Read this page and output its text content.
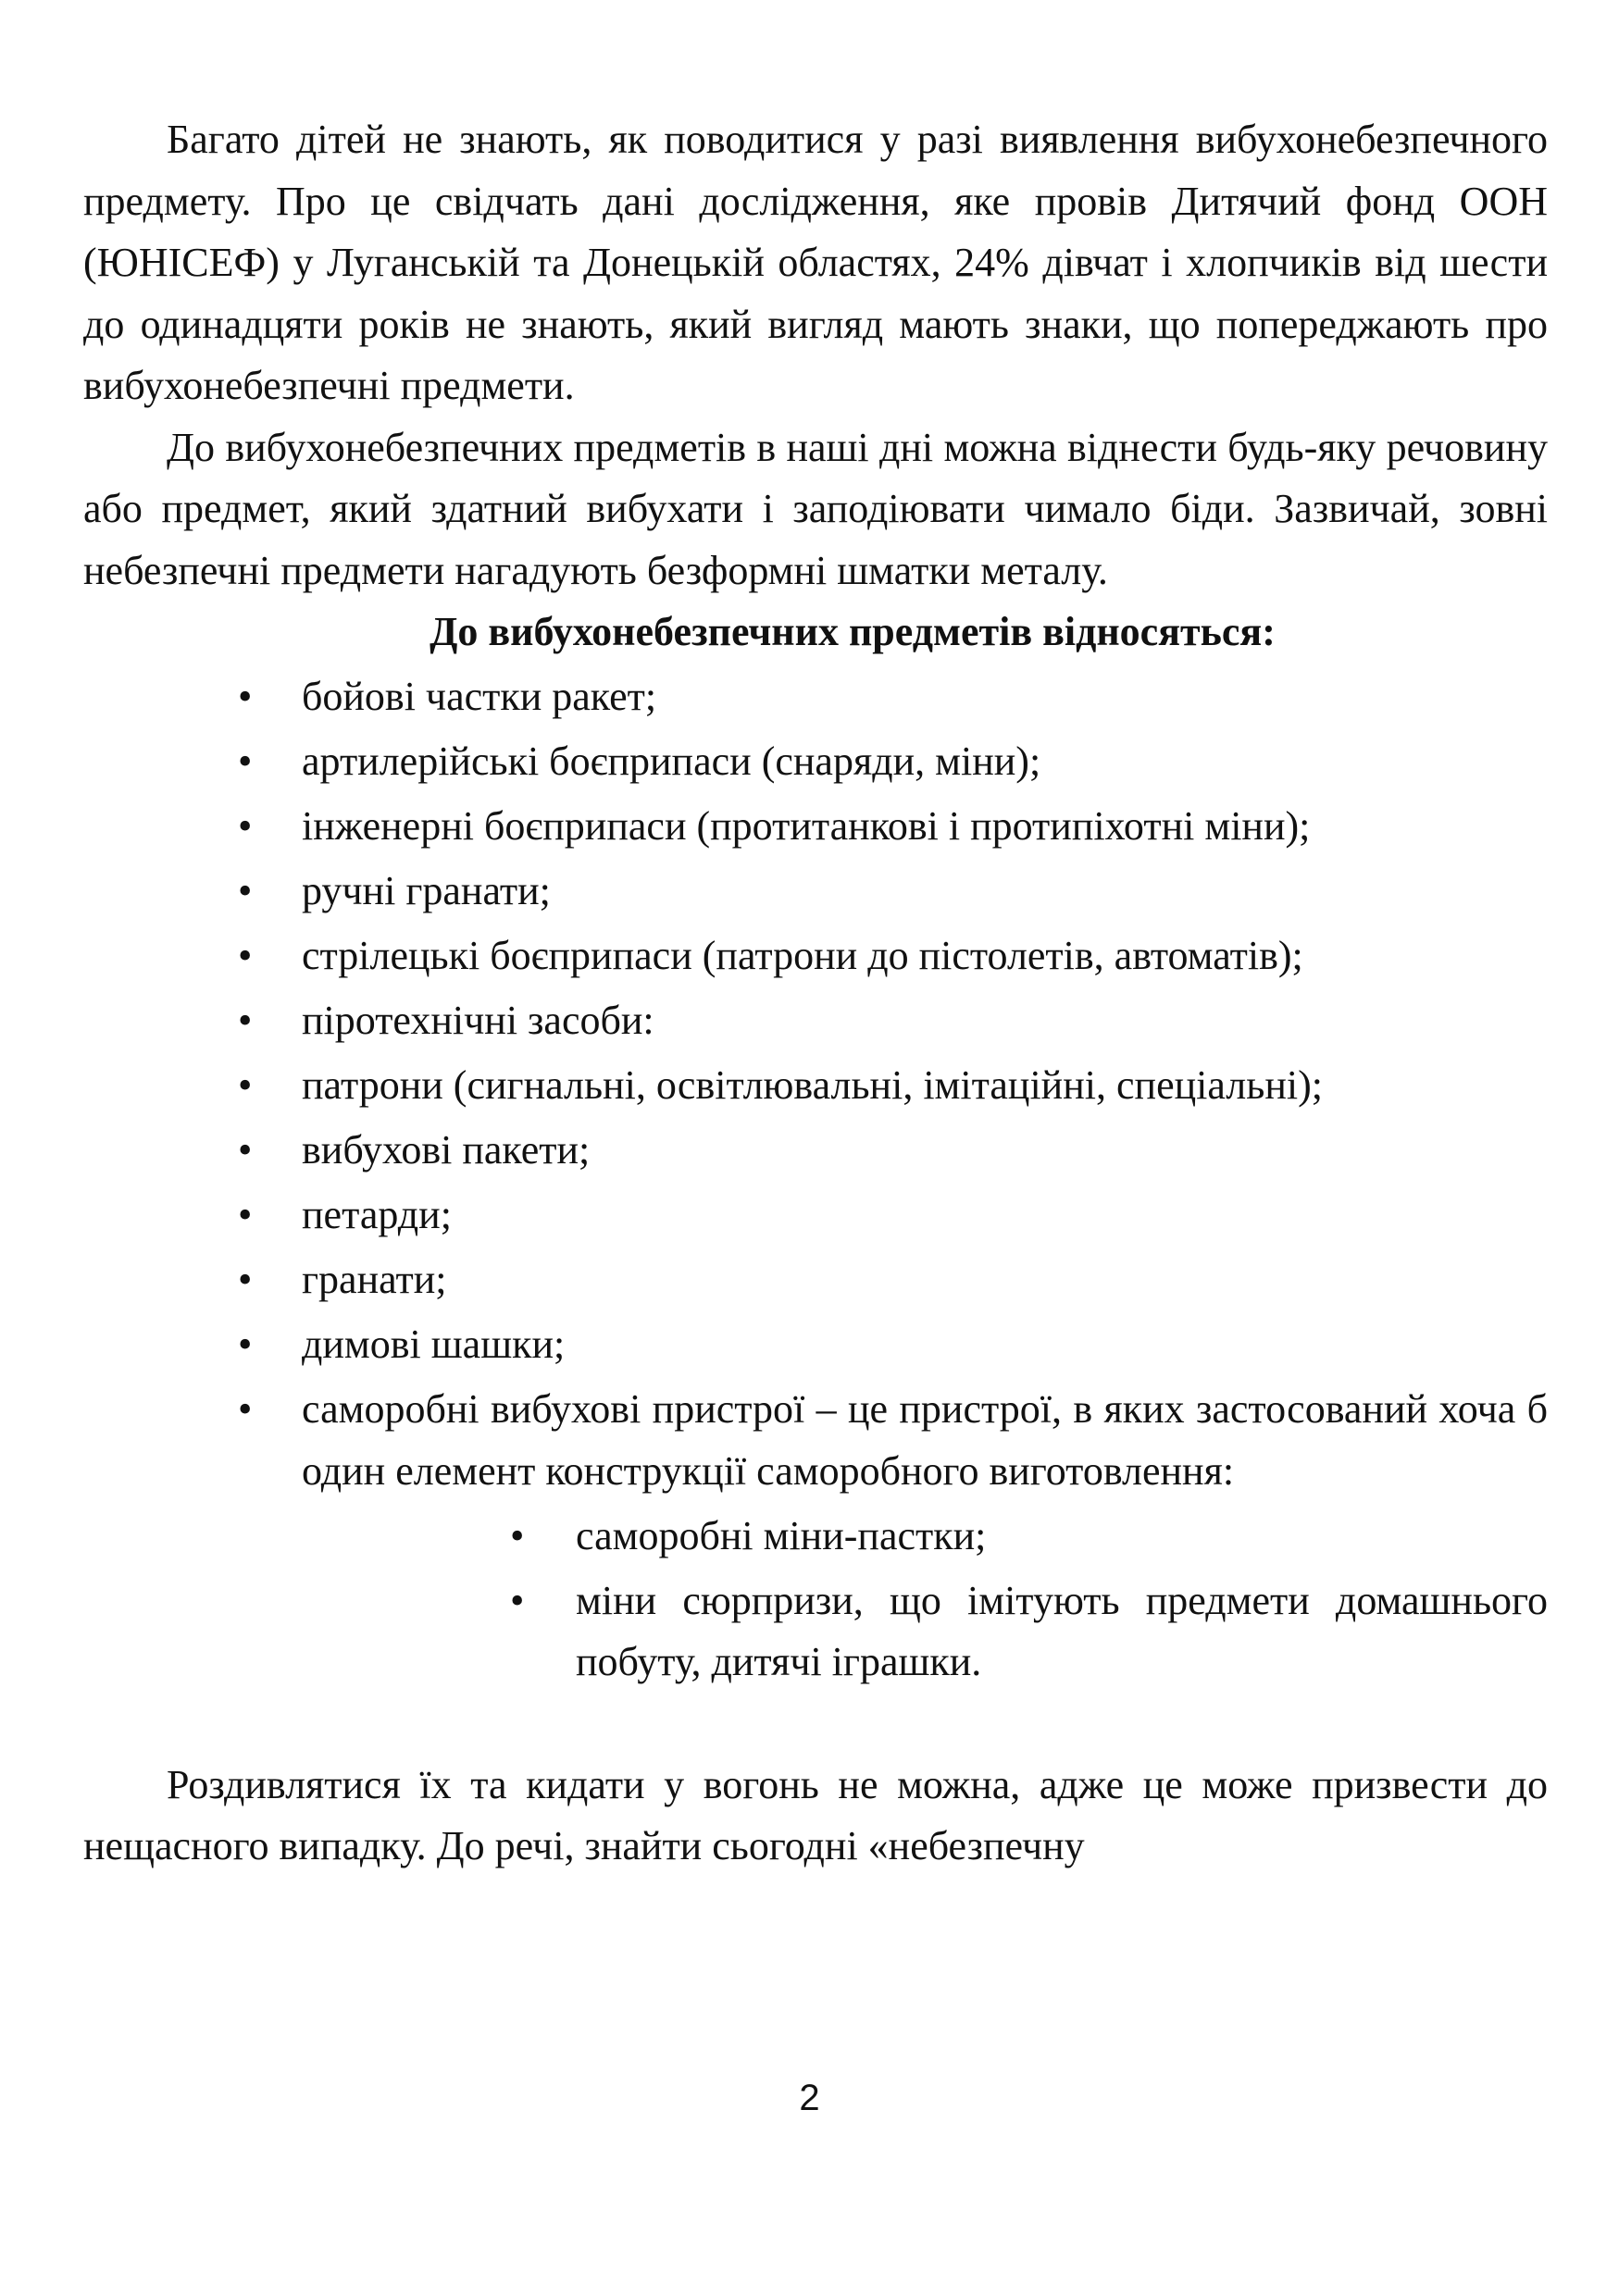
Багато дітей не знають, як поводитися у разі виявлення вибухонебезпечного предмету. Про це свідчать дані дослідження, яке провів Дитячий фонд ООН (ЮНІСЕФ) у Луганській та Донецькій областях, 24% дівчат і хлопчиків від шести до одинадцяти років не знають, який вигляд мають знаки, що попереджають про вибухонебезпечні предмети.

До вибухонебезпечних предметів в наші дні можна віднести будь-яку речовину або предмет, який здатний вибухати і заподіювати чимало біди. Зазвичай, зовні небезпечні предмети нагадують безформні шматки металу.

До вибухонебезпечних предметів відносяться:
• бойові частки ракет;
• артилерійські боєприпаси (снаряди, міни);
• інженерні боєприпаси (протитанкові і протипіхотні міни);
• ручні гранати;
• стрілецькі боєприпаси (патрони до пістолетів, автоматів);
• піротехнічні засоби:
• патрони (сигнальні, освітлювальні, імітаційні, спеціальні);
• вибухові пакети;
• петарди;
• гранати;
• димові шашки;
• саморобні вибухові пристрої – це пристрої, в яких застосований хоча б один елемент конструкції саморобного виготовлення:
• саморобні міни-пастки;
• міни сюрпризи, що імітують предмети домашнього побуту, дитячі іграшки.

Роздивлятися їх та кидати у вогонь не можна, адже це може призвести до нещасного випадку. До речі, знайти сьогодні «небезпечну

2
